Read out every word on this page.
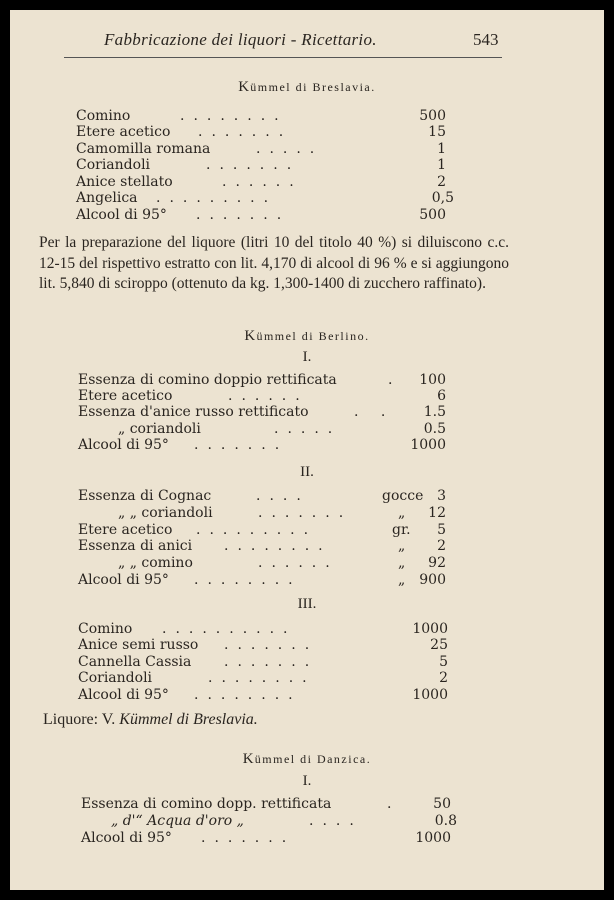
Fabbricazione dei liquori - Ricettario.	543
Kümmel di Breslavia.
Comino	........	500
Etere acetico .......	15
Camomilla romana	.....	1
Coriandoli	.......	1
Anice stellato	......	2
Angelica .........	0,5
Alcool di 95° .......	500
Per la preparazione del liquore (litri 10 del titolo 40 %) si diluiscono c.c. 12-15 del rispettivo estratto con lit. 4,170 di alcool di 96 % e si aggiungono lit. 5,840 di sciroppo (ottenuto da kg. 1,300-1400 di zucchero raffinato).
Kümmel di Berlino.
I.
Essenza di comino doppio rettificata	.	100
Etere acetico	......	6
Essenza d'anice russo rettificato	. .	1.5
„ coriandoli	.....	0.5
Alcool di 95° .......	1000
II.
Essenza di Cognac	....	gocce 3
„ „ coriandoli	.......	„	12
Etere acetico .........	gr.	5
Essenza di anici ........	„	2
„ „ comino	......	„	92
Alcool di 95° ........	„ 900
III.
Comino ..........	1000
Anice semi russo .......	25
Cannella Cassia .......	5
Coriandoli	........	2
Alcool di 95° ........	1000
Liquore: V. Kümmel di Breslavia.
Kümmel di Danzica.
I.
Essenza di comino dopp. rettificata	.	50
„ d'“ Acqua d'oro „	....	0.8
Alcool di 95° .......	1000
